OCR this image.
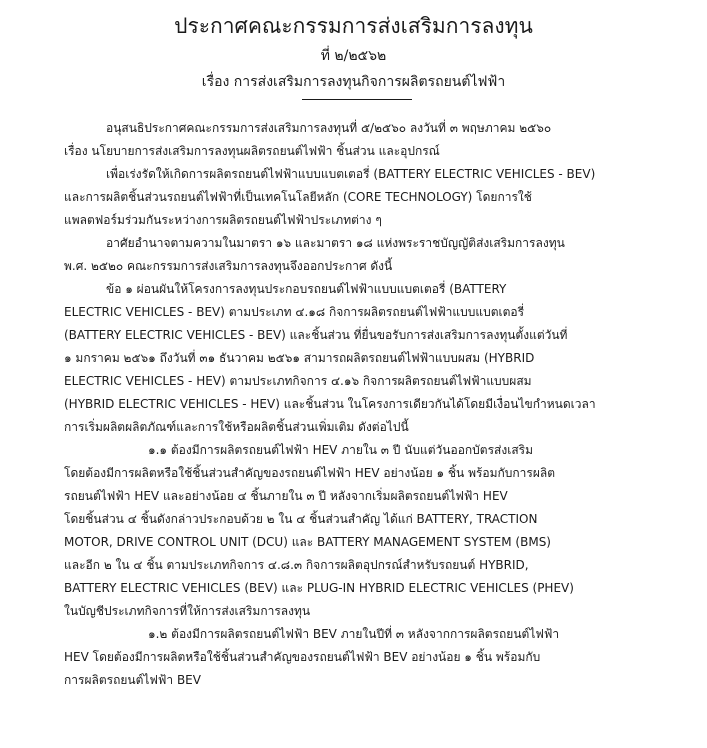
ประกาศคณะกรรมการส่งเสริมการลงทุน
ที่ ๒/๒๕๖๒
เรื่อง การส่งเสริมการลงทุนกิจการผลิตรถยนต์ไฟฟ้า
อนุสนธิประกาศคณะกรรมการส่งเสริมการลงทุนที่ ๕/๒๕๖๐ ลงวันที่ ๓ พฤษภาคม ๒๕๖๐
เรื่อง นโยบายการส่งเสริมการลงทุนผลิตรถยนต์ไฟฟ้า ชิ้นส่วน และอุปกรณ์
เพื่อเร่งรัดให้เกิดการผลิตรถยนต์ไฟฟ้าแบบแบตเตอรี่ (BATTERY ELECTRIC VEHICLES - BEV)
และการผลิตชิ้นส่วนรถยนต์ไฟฟ้าที่เป็นเทคโนโลยีหลัก (CORE TECHNOLOGY) โดยการใช้
แพลตฟอร์มร่วมกันระหว่างการผลิตรถยนต์ไฟฟ้าประเภทต่าง ๆ
อาศัยอำนาจตามความในมาตรา ๑๖ และมาตรา ๑๘ แห่งพระราชบัญญัติส่งเสริมการลงทุน
พ.ศ. ๒๕๒๐ คณะกรรมการส่งเสริมการลงทุนจึงออกประกาศ ดังนี้
ข้อ ๑ ผ่อนผันให้โครงการลงทุนประกอบรถยนต์ไฟฟ้าแบบแบตเตอรี่ (BATTERY
ELECTRIC VEHICLES - BEV) ตามประเภท ๔.๑๘ กิจการผลิตรถยนต์ไฟฟ้าแบบแบตเตอรี่
(BATTERY ELECTRIC VEHICLES - BEV) และชิ้นส่วน ที่ยื่นขอรับการส่งเสริมการลงทุนตั้งแต่วันที่
๑ มกราคม ๒๕๖๑ ถึงวันที่ ๓๑ ธันวาคม ๒๕๖๑ สามารถผลิตรถยนต์ไฟฟ้าแบบผสม (HYBRID
ELECTRIC VEHICLES - HEV) ตามประเภทกิจการ ๔.๑๖ กิจการผลิตรถยนต์ไฟฟ้าแบบผสม
(HYBRID ELECTRIC VEHICLES - HEV) และชิ้นส่วน ในโครงการเดียวกันได้โดยมีเงื่อนไขกำหนดเวลา
การเริ่มผลิตผลิตภัณฑ์และการใช้หรือผลิตชิ้นส่วนเพิ่มเติม ดังต่อไปนี้
๑.๑ ต้องมีการผลิตรถยนต์ไฟฟ้า HEV ภายใน ๓ ปี นับแต่วันออกบัตรส่งเสริม
โดยต้องมีการผลิตหรือใช้ชิ้นส่วนสำคัญของรถยนต์ไฟฟ้า HEV อย่างน้อย ๑ ชิ้น พร้อมกับการผลิต
รถยนต์ไฟฟ้า HEV และอย่างน้อย ๔ ชิ้นภายใน ๓ ปี หลังจากเริ่มผลิตรถยนต์ไฟฟ้า HEV
โดยชิ้นส่วน ๔ ชิ้นดังกล่าวประกอบด้วย ๒ ใน ๔ ชิ้นส่วนสำคัญ ได้แก่ BATTERY, TRACTION
MOTOR, DRIVE CONTROL UNIT (DCU) และ BATTERY MANAGEMENT SYSTEM (BMS)
และอีก ๒ ใน ๔ ชิ้น ตามประเภทกิจการ ๔.๘.๓ กิจการผลิตอุปกรณ์สำหรับรถยนต์ HYBRID,
BATTERY ELECTRIC VEHICLES (BEV) และ PLUG-IN HYBRID ELECTRIC VEHICLES (PHEV)
ในบัญชีประเภทกิจการที่ให้การส่งเสริมการลงทุน
๑.๒ ต้องมีการผลิตรถยนต์ไฟฟ้า BEV ภายในปีที่ ๓ หลังจากการผลิตรถยนต์ไฟฟ้า
HEV โดยต้องมีการผลิตหรือใช้ชิ้นส่วนสำคัญของรถยนต์ไฟฟ้า BEV อย่างน้อย ๑ ชิ้น พร้อมกับ
การผลิตรถยนต์ไฟฟ้า BEV
